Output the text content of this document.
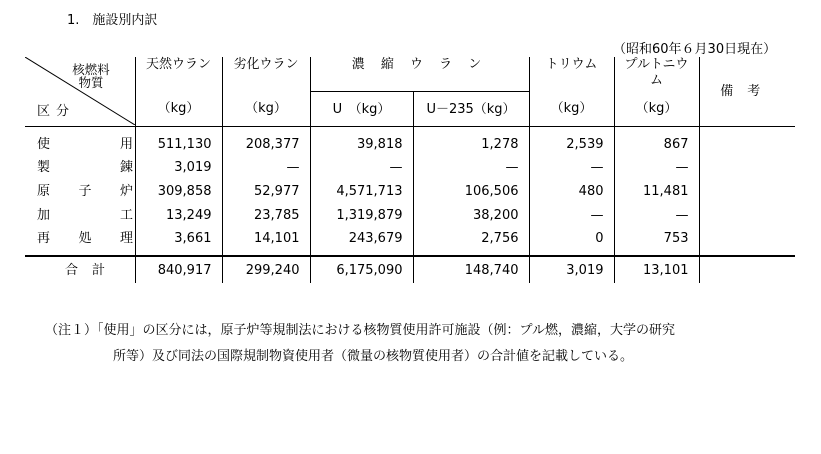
1.　施設別内訳
（昭和60年６月30日現在）
核燃料
物質
区分	天然ウラン	劣化ウラン	濃 縮 ウ ラ ン		トリウム	プルトニウム	備考
	（kg）	（kg）	U　（kg）	U－235（kg）	（kg）	（kg）	

使 用	511,130	208,377	39,818	1,278	2,539	867	

製 錬	3,019	—	—	—	—	—	

原 子 炉	309,858	52,977	4,571,713	106,506	480	11,481	

加 工	13,249	23,785	1,319,879	38,200	—	—	

再 処 理	3,661	14,101	243,679	2,756	0	753	

合 計	840,917	299,240	6,175,090	148,740	3,019	13,101	
（注１）「使用」の区分には，原子炉等規制法における核物質使用許可施設（例：プル燃，濃縮，大学の研究
所等）及び同法の国際規制物資使用者（微量の核物質使用者）の合計値を記載している。
